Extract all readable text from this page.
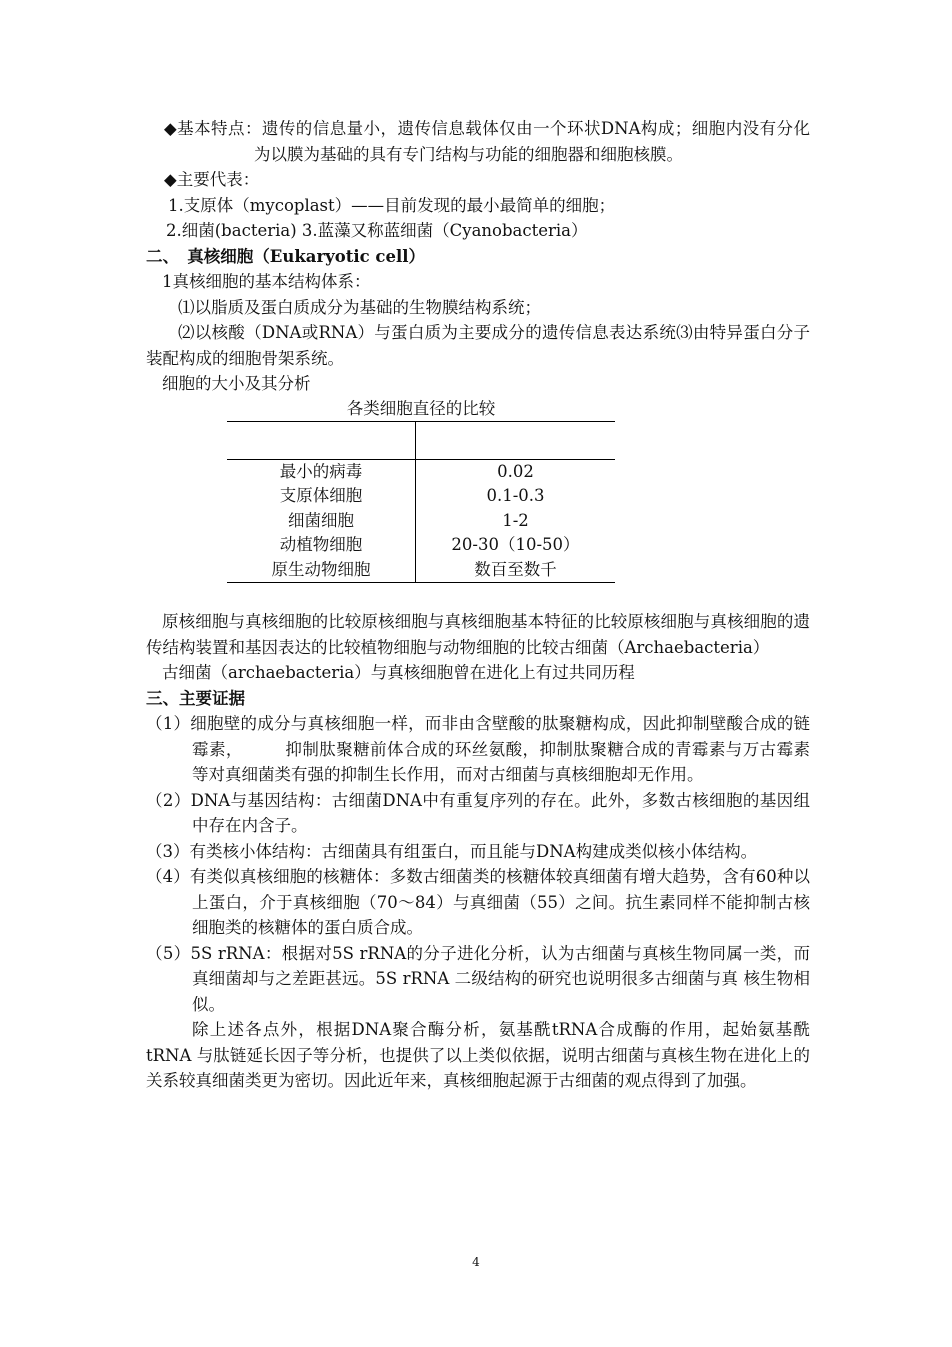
◆基本特点：遗传的信息量小，遗传信息载体仅由一个环状DNA构成；细胞内没有分化为以膜为基础的具有专门结构与功能的细胞器和细胞核膜。
◆主要代表：
1.支原体（mycoplast）——目前发现的最小最简单的细胞；
2.细菌(bacteria) 3.蓝藻又称蓝细菌（Cyanobacteria）
二、　真核细胞（Eukaryotic cell）
1真核细胞的基本结构体系：
⑴以脂质及蛋白质成分为基础的生物膜结构系统；
⑵以核酸（DNA或RNA）与蛋白质为主要成分的遗传信息表达系统⑶由特异蛋白分子装配构成的细胞骨架系统。
细胞的大小及其分析
各类细胞直径的比较

最小的病毒	0.02
支原体细胞	0.1-0.3
细菌细胞	1-2
动植物细胞	20-30（10-50）
原生动物细胞	数百至数千
原核细胞与真核细胞的比较原核细胞与真核细胞基本特征的比较原核细胞与真核细胞的遗传结构装置和基因表达的比较植物细胞与动物细胞的比较古细菌（Archaebacteria）
古细菌（archaebacteria）与真核细胞曾在进化上有过共同历程
三、主要证据
（1）细胞壁的成分与真核细胞一样，而非由含壁酸的肽聚糖构成，因此抑制壁酸合成的链霉素，　　　抑制肽聚糖前体合成的环丝氨酸，抑制肽聚糖合成的青霉素与万古霉素等对真细菌类有强的抑制生长作用，而对古细菌与真核细胞却无作用。
（2）DNA与基因结构：古细菌DNA中有重复序列的存在。此外，多数古核细胞的基因组中存在内含子。
（3）有类核小体结构：古细菌具有组蛋白，而且能与DNA构建成类似核小体结构。
（4）有类似真核细胞的核糖体：多数古细菌类的核糖体较真细菌有增大趋势，含有60种以上蛋白，介于真核细胞（70～84）与真细菌（55）之间。抗生素同样不能抑制古核细胞类的核糖体的蛋白质合成。
（5）5S rRNA：根据对5S rRNA的分子进化分析，认为古细菌与真核生物同属一类，而真细菌却与之差距甚远。5S rRNA 二级结构的研究也说明很多古细菌与真 核生物相似。
除上述各点外，根据DNA聚合酶分析，氨基酰tRNA合成酶的作用，起始氨基酰tRNA 与肽链延长因子等分析，也提供了以上类似依据，说明古细菌与真核生物在进化上的关系较真细菌类更为密切。因此近年来，真核细胞起源于古细菌的观点得到了加强。
4
